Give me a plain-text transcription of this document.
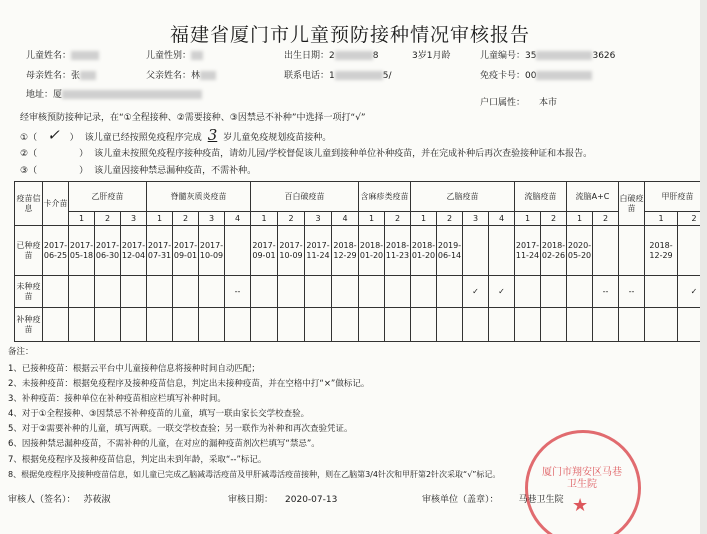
福建省厦门市儿童预防接种情况审核报告
儿童姓名：	儿童性别：	出生日期：2	8	3岁1月龄	儿童编号：35	3626
母亲姓名：张	父亲姓名：林	联系电话：1	5/	免疫卡号：00
地址：厦
户口属性： 本市
经审核预防接种记录，在“①全程接种、②需要接种、③因禁忌不补种”中选择一项打“√”
①（ ✓ ） 该儿童已经按照免疫程序完成 3 岁儿童免疫规划疫苗接种。
②（	） 该儿童未按照免疫程序接种疫苗，请幼儿园/学校督促该儿童到接种单位补种疫苗，并在完成补种后再次查验接种证和本报告。
③（	） 该儿童因接种禁忌漏种疫苗，不需补种。
疫苗信息	卡介苗	乙肝疫苗			脊髓灰质炎疫苗				百白破疫苗				含麻疹类疫苗		乙脑疫苗				流脑疫苗		流脑A+C		白破疫苗	甲肝疫苗	
		1	2	3	1	2	3	4	1	2	3	4	1	2	1	2	3	4	1	2	1	2		1	2
已种疫苗	2017-06-25	2017-05-18	2017-06-30	2017-12-04	2017-07-31	2017-09-01	2017-10-09		2017-09-01	2017-10-09	2017-11-24	2018-12-29	2018-01-20	2018-11-23	2018-01-20	2019-06-14			2017-11-24	2018-02-26	2020-05-20			2018-12-29	
未种疫苗								--									✓	✓				--	--		✓
补种疫苗																									
备注：
1、已接种疫苗：根据云平台中儿童接种信息将接种时间自动匹配；
2、未接种疫苗：根据免疫程序及接种疫苗信息，判定出未接种疫苗，并在空格中打“×”做标记。
3、补种疫苗：接种单位在补种疫苗相应栏填写补种时间。
4、对于①全程接种、③因禁忌不补种疫苗的儿童，填写一联由家长交学校查验。
5、对于②需要补种的儿童，填写两联。一联交学校查验；另一联作为补种和再次查验凭证。
6、因接种禁忌漏种疫苗，不需补种的儿童，在对应的漏种疫苗剂次栏填写“禁忌”。
7、根据免疫程序及接种疫苗信息，判定出未到年龄，采取“--”标记。
8、根据免疫程序及接种疫苗信息，如儿童已完成乙脑减毒活疫苗及甲肝减毒活疫苗接种，则在乙脑第3/4针次和甲肝第2针次采取“√”标记。	厦门市翔安区马巷卫生院
★
审核人（签名）： 苏莜淑	审核日期： 2020-07-13	审核单位（盖章）： 马巷卫生院
